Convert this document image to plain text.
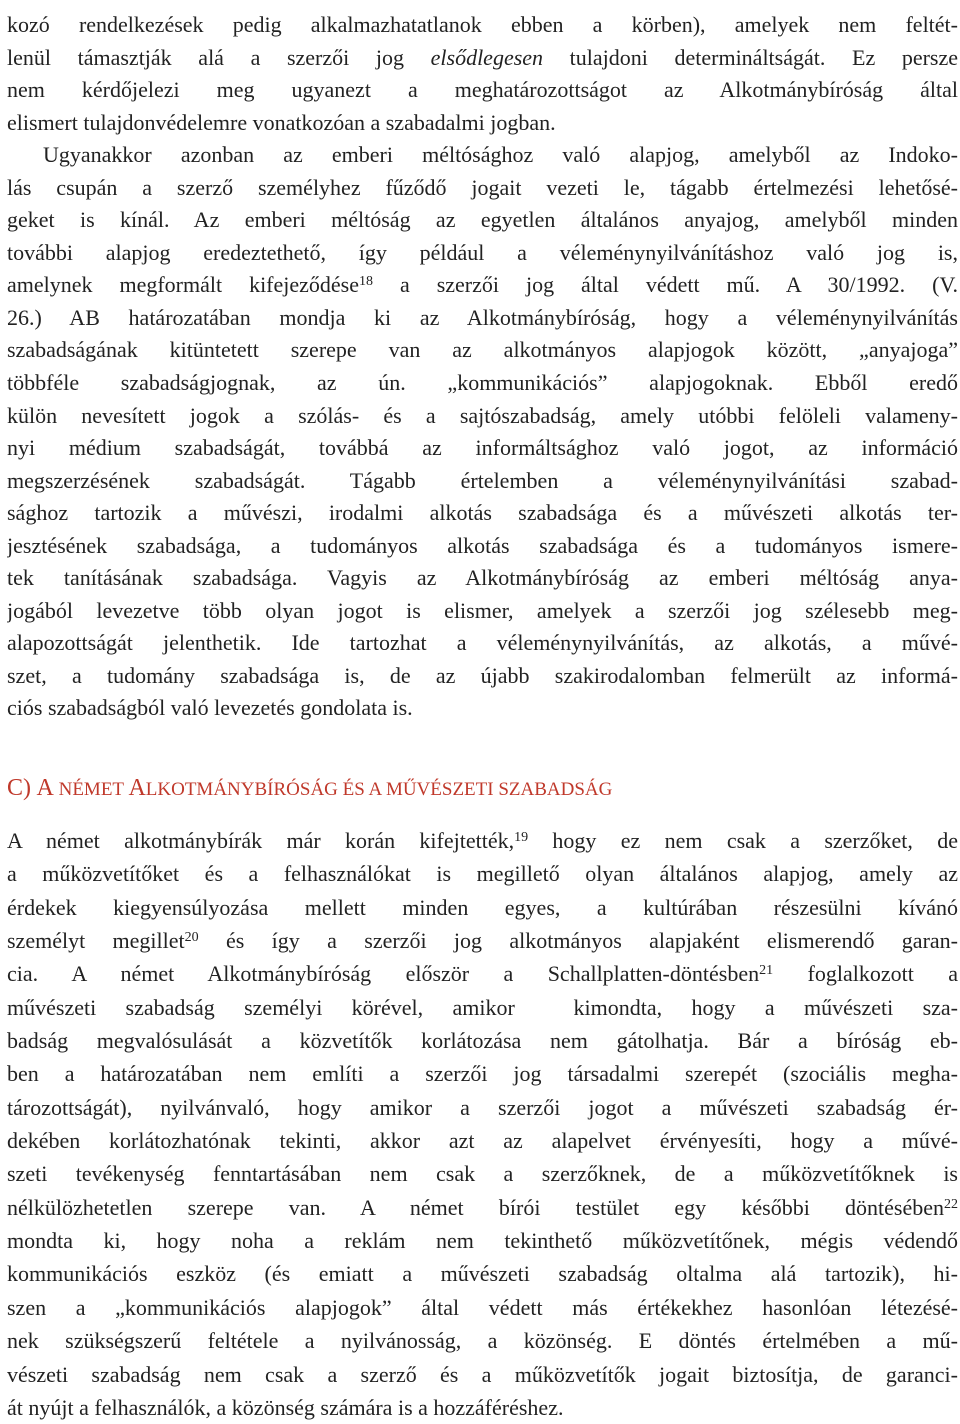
kozó rendelkezések pedig alkalmazhatatlanok ebben a körben), amelyek nem feltét-
lenül támasztják alá a szerzői jog elsődlegesen tulajdoni determináltságát. Ez persze
nem kérdőjelezi meg ugyanezt a meghatározottságot az Alkotmánybíróság által
elismert tulajdonvédelemre vonatkozóan a szabadalmi jogban.
Ugyanakkor azonban az emberi méltósághoz való alapjog, amelyből az Indoko-
lás csupán a szerző személyhez fűződő jogait vezeti le, tágabb értelmezési lehetősé-
geket is kínál. Az emberi méltóság az egyetlen általános anyajog, amelyből minden
további alapjog eredeztethető, így például a véleménynyilvánításhoz való jog is,
amelynek megformált kifejeződése$^{18}$ a szerzői jog által védett mű. A 30/1992. (V.
26.) AB határozatában mondja ki az Alkotmánybíróság, hogy a véleménynyilvánítás
szabadságának kitüntetett szerepe van az alkotmányos alapjogok között, „anyajoga”
többféle szabadságjognak, az ún. „kommunikációs” alapjogoknak. Ebből eredő
külön nevesített jogok a szólás- és a sajtószabadság, amely utóbbi felöleli valameny-
nyi médium szabadságát, továbbá az informáltsághoz való jogot, az információ
megszerzésének szabadságát. Tágabb értelemben a véleménynyilvánítási szabad-
sághoz tartozik a művészi, irodalmi alkotás szabadsága és a művészeti alkotás ter-
jesztésének szabadsága, a tudományos alkotás szabadsága és a tudományos ismere-
tek tanításának szabadsága. Vagyis az Alkotmánybíróság az emberi méltóság anya-
jogából levezetve több olyan jogot is elismer, amelyek a szerzői jog szélesebb meg-
alapozottságát jelenthetik. Ide tartozhat a véleménynyilvánítás, az alkotás, a művé-
szet, a tudomány szabadsága is, de az újabb szakirodalomban felmerült az informá-
ciós szabadságból való levezetés gondolata is.
C) A NÉMET ALKOTMÁNYBÍRÓSÁG ÉS A MŰVÉSZETI SZABADSÁG
A német alkotmánybírák már korán kifejtették,$^{19}$ hogy ez nem csak a szerzőket, de
a műközvetítőket és a felhasználókat is megillető olyan általános alapjog, amely az
érdekek kiegyensúlyozása mellett minden egyes, a kultúrában részesülni kívánó
személyt megillet$^{20}$ és így a szerzői jog alkotmányos alapjaként elismerendő garan-
cia. A német Alkotmánybíróság először a Schallplatten-döntésben$^{21}$ foglalkozott a
művészeti szabadság személyi körével, amikor  kimondta, hogy a művészeti sza-
badság megvalósulását a közvetítők korlátozása nem gátolhatja. Bár a bíróság eb-
ben a határozatában nem említi a szerzői jog társadalmi szerepét (szociális megha-
tározottságát), nyilvánvaló, hogy amikor a szerzői jogot a művészeti szabadság ér-
dekében korlátozhatónak tekinti, akkor azt az alapelvet érvényesíti, hogy a művé-
szeti tevékenység fenntartásában nem csak a szerzőknek, de a műközvetítőknek is
nélkülözhetetlen szerepe van. A német bírói testület egy későbbi döntésében$^{22}$
mondta ki, hogy noha a reklám nem tekinthető műközvetítőnek, mégis védendő
kommunikációs eszköz (és emiatt a művészeti szabadság oltalma alá tartozik), hi-
szen a „kommunikációs alapjogok” által védett más értékekhez hasonlóan létezésé-
nek szükségszerű feltétele a nyilvánosság, a közönség. E döntés értelmében a mű-
vészeti szabadság nem csak a szerző és a műközvetítők jogait biztosítja, de garanci-
át nyújt a felhasználók, a közönség számára is a hozzáféréshez.
